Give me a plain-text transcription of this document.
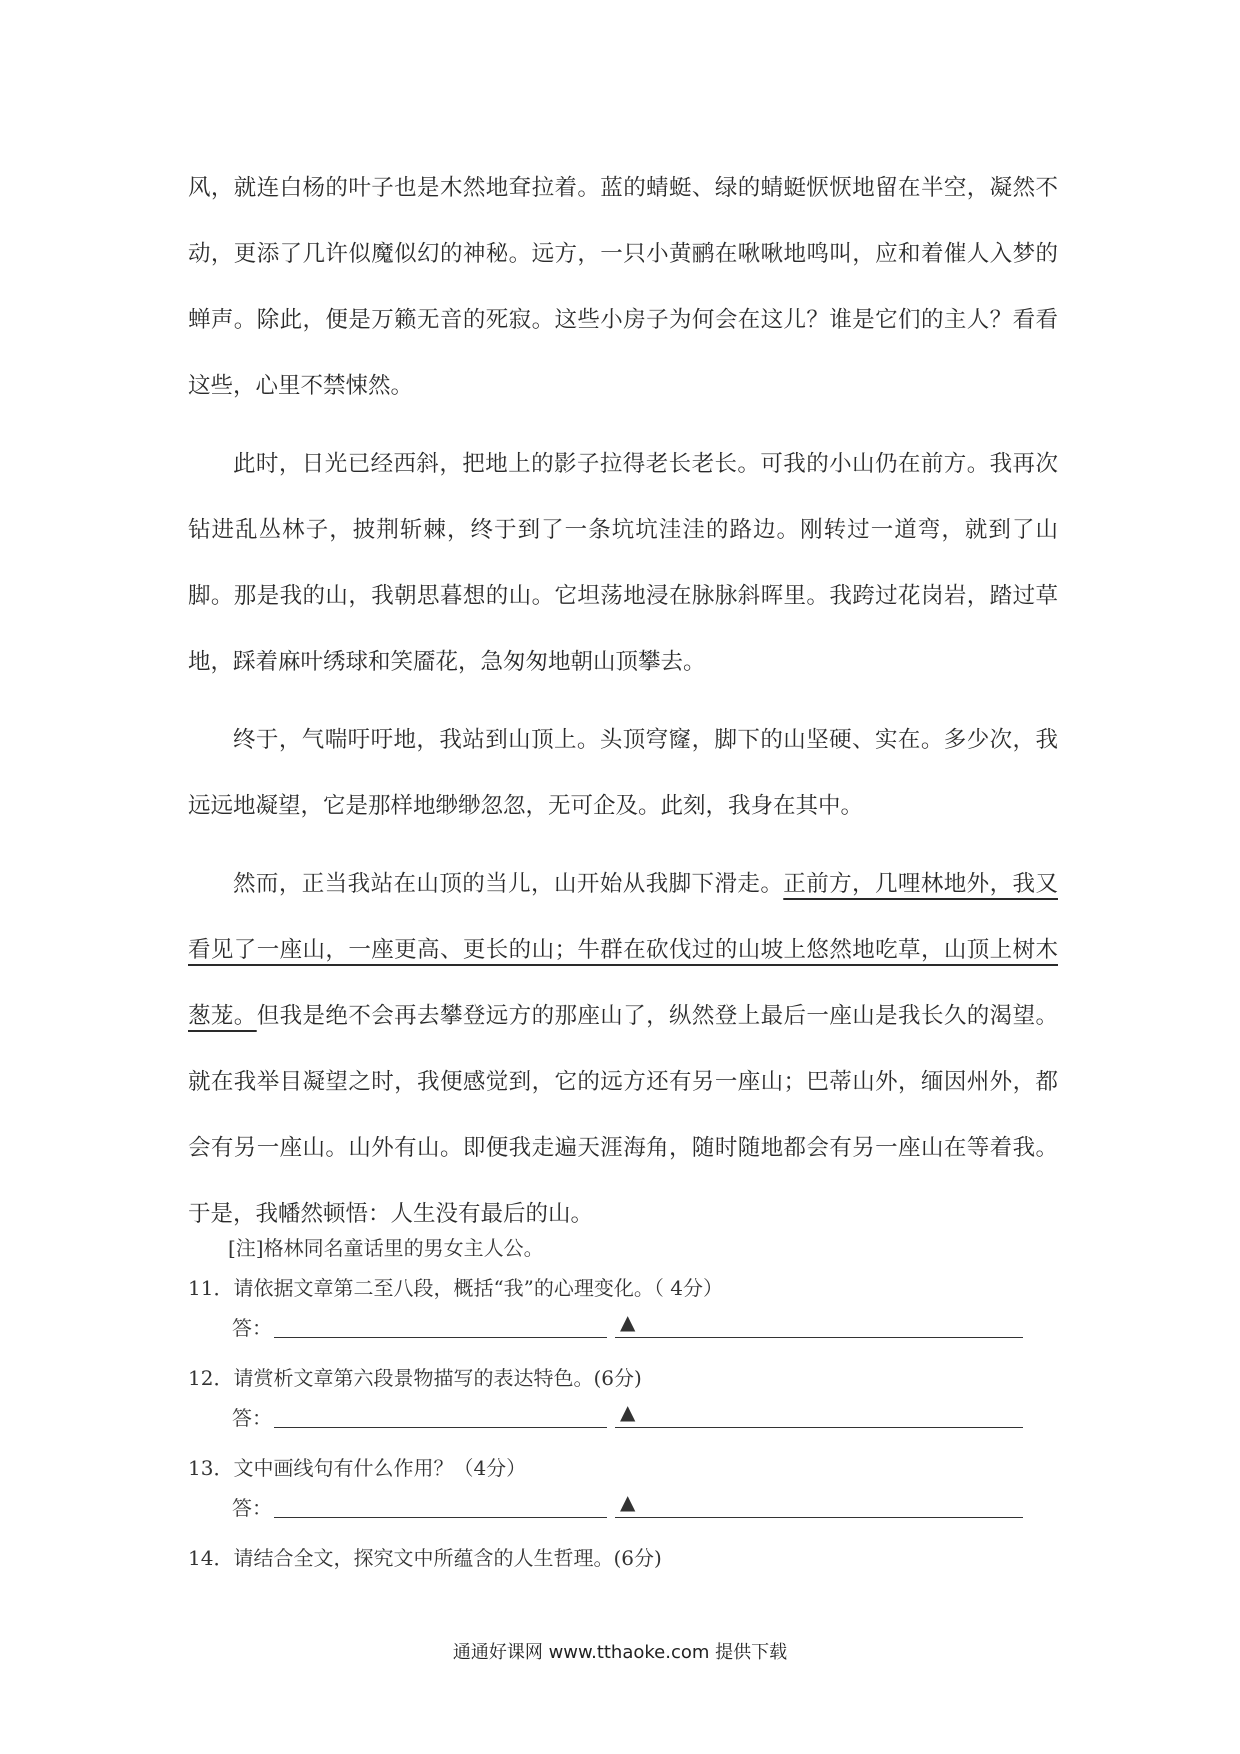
风，就连白杨的叶子也是木然地耷拉着。蓝的蜻蜓、绿的蜻蜓恹恹地留在半空，凝然不动，更添了几许似魔似幻的神秘。远方，一只小黄鹂在啾啾地鸣叫，应和着催人入梦的蝉声。除此，便是万籁无音的死寂。这些小房子为何会在这儿？谁是它们的主人？看看这些，心里不禁悚然。

此时，日光已经西斜，把地上的影子拉得老长老长。可我的小山仍在前方。我再次钻进乱丛林子，披荆斩棘，终于到了一条坑坑洼洼的路边。刚转过一道弯，就到了山脚。那是我的山，我朝思暮想的山。它坦荡地浸在脉脉斜晖里。我跨过花岗岩，踏过草地，踩着麻叶绣球和笑靥花，急匆匆地朝山顶攀去。

终于，气喘吁吁地，我站到山顶上。头顶穹窿，脚下的山坚硬、实在。多少次，我远远地凝望，它是那样地缈缈忽忽，无可企及。此刻，我身在其中。

然而，正当我站在山顶的当儿，山开始从我脚下滑走。正前方，几哩林地外，我又看见了一座山，一座更高、更长的山；牛群在砍伐过的山坡上悠然地吃草，山顶上树木葱茏。但我是绝不会再去攀登远方的那座山了，纵然登上最后一座山是我长久的渴望。就在我举目凝望之时，我便感觉到，它的远方还有另一座山；巴蒂山外，缅因州外，都会有另一座山。山外有山。即便我走遍天涯海角，随时随地都会有另一座山在等着我。于是，我幡然顿悟：人生没有最后的山。

[注]格林同名童话里的男女主人公。
11．请依据文章第二至八段，概括“我”的心理变化。（ 4分）
答：	▲
12．请赏析文章第六段景物描写的表达特色。(6分)
答：	▲
13．文中画线句有什么作用？（4分）
答：	▲
14．请结合全文，探究文中所蕴含的人生哲理。(6分)
通通好课网 www.tthaoke.com 提供下载
